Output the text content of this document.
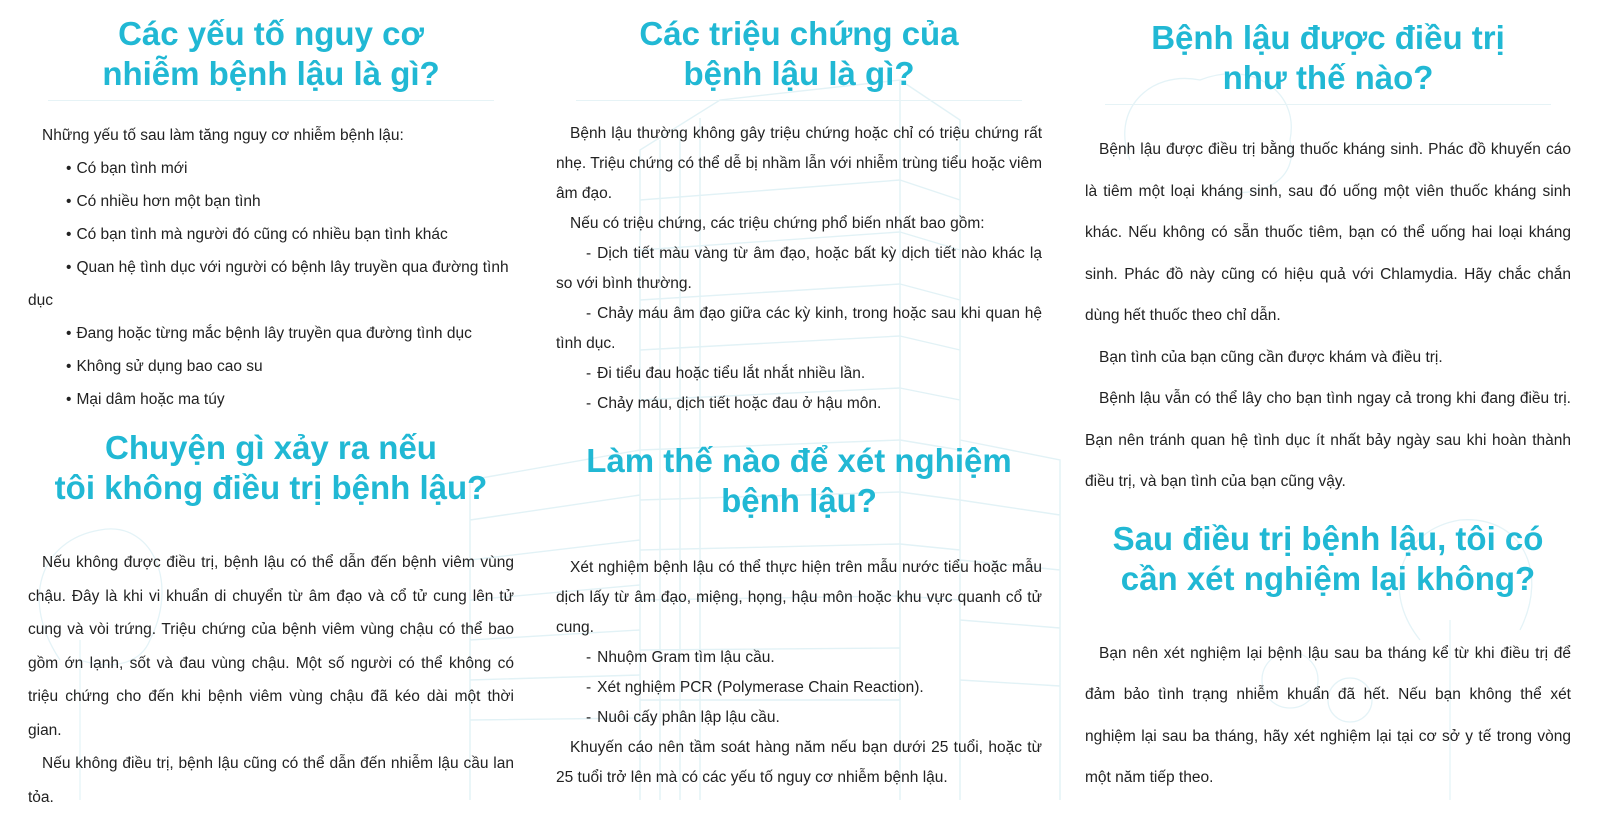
Các yếu tố nguy cơ
nhiễm bệnh lậu là gì?

Những yếu tố sau làm tăng nguy cơ nhiễm bệnh lậu:

• Có bạn tình mới
• Có nhiều hơn một bạn tình
• Có bạn tình mà người đó cũng có nhiều bạn tình khác
• Quan hệ tình dục với người có bệnh lây truyền qua đường tình dục
• Đang hoặc từng mắc bệnh lây truyền qua đường tình dục
• Không sử dụng bao cao su
• Mại dâm hoặc ma túy
Chuyện gì xảy ra nếu
tôi không điều trị bệnh lậu?

Nếu không được điều trị, bệnh lậu có thể dẫn đến bệnh viêm vùng chậu. Đây là khi vi khuẩn di chuyển từ âm đạo và cổ tử cung lên tử cung và vòi trứng. Triệu chứng của bệnh viêm vùng chậu có thể bao gồm ớn lạnh, sốt và đau vùng chậu. Một số người có thể không có triệu chứng cho đến khi bệnh viêm vùng chậu đã kéo dài một thời gian.

Nếu không điều trị, bệnh lậu cũng có thể dẫn đến nhiễm lậu cầu lan tỏa.

Các triệu chứng của
bệnh lậu là gì?

Bệnh lậu thường không gây triệu chứng hoặc chỉ có triệu chứng rất nhẹ. Triệu chứng có thể dễ bị nhầm lẫn với nhiễm trùng tiểu hoặc viêm âm đạo.

Nếu có triệu chứng, các triệu chứng phổ biến nhất bao gồm:

- Dịch tiết màu vàng từ âm đạo, hoặc bất kỳ dịch tiết nào khác lạ so với bình thường.
- Chảy máu âm đạo giữa các kỳ kinh, trong hoặc sau khi quan hệ tình dục.
- Đi tiểu đau hoặc tiểu lắt nhắt nhiều lần.
- Chảy máu, dịch tiết hoặc đau ở hậu môn.
Làm thế nào để xét nghiệm
bệnh lậu?

Xét nghiệm bệnh lậu có thể thực hiện trên mẫu nước tiểu hoặc mẫu dịch lấy từ âm đạo, miệng, họng, hậu môn hoặc khu vực quanh cổ tử cung.

- Nhuộm Gram tìm lậu cầu.
- Xét nghiệm PCR (Polymerase Chain Reaction).
- Nuôi cấy phân lập lậu cầu.

Khuyến cáo nên tầm soát hàng năm nếu bạn dưới 25 tuổi, hoặc từ 25 tuổi trở lên mà có các yếu tố nguy cơ nhiễm bệnh lậu.

Bệnh lậu được điều trị
như thế nào?

Bệnh lậu được điều trị bằng thuốc kháng sinh. Phác đồ khuyến cáo là tiêm một loại kháng sinh, sau đó uống một viên thuốc kháng sinh khác. Nếu không có sẵn thuốc tiêm, bạn có thể uống hai loại kháng sinh. Phác đồ này cũng có hiệu quả với Chlamydia. Hãy chắc chắn dùng hết thuốc theo chỉ dẫn.

Bạn tình của bạn cũng cần được khám và điều trị.

Bệnh lậu vẫn có thể lây cho bạn tình ngay cả trong khi đang điều trị. Bạn nên tránh quan hệ tình dục ít nhất bảy ngày sau khi hoàn thành điều trị, và bạn tình của bạn cũng vậy.

Sau điều trị bệnh lậu, tôi có
cần xét nghiệm lại không?

Bạn nên xét nghiệm lại bệnh lậu sau ba tháng kể từ khi điều trị để đảm bảo tình trạng nhiễm khuẩn đã hết. Nếu bạn không thể xét nghiệm lại sau ba tháng, hãy xét nghiệm lại tại cơ sở y tế trong vòng một năm tiếp theo.
